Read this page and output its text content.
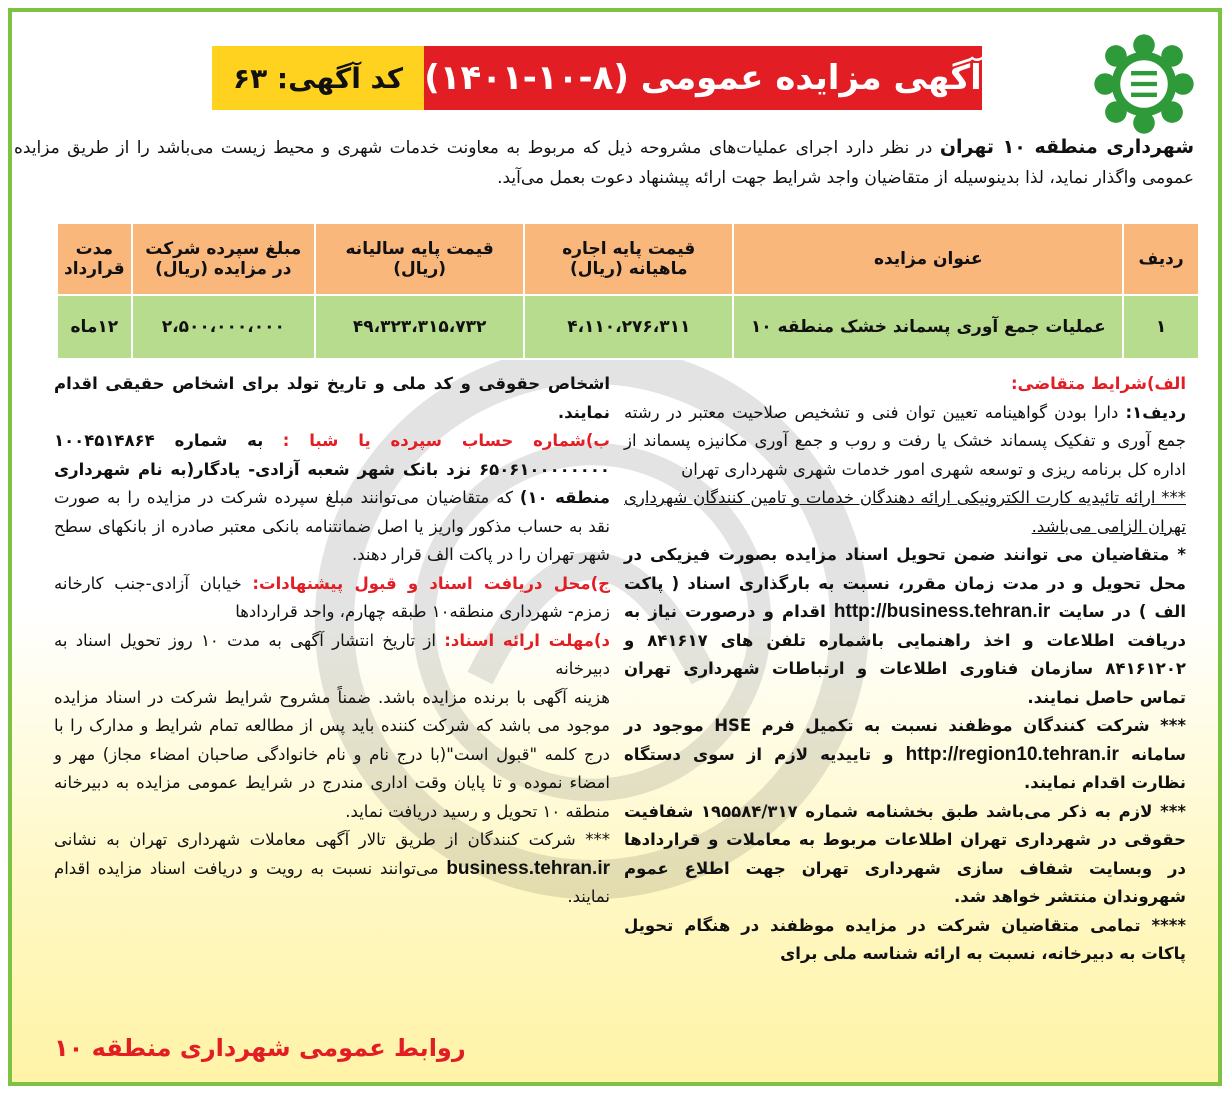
آگهی مزایده عمومی (۸-۱۰-۱۴۰۱)
کد آگهی: ۶۳

شهرداری منطقه ۱۰ تهران در نظر دارد اجرای عملیات‌های مشروحه ذیل که مربوط به معاونت خدمات شهری و محیط زیست می‌باشد را از طریق مزایده عمومی واگذار نماید، لذا بدینوسیله از متقاضیان واجد شرایط جهت ارائه پیشنهاد دعوت بعمل می‌آید.

ردیف	عنوان مزایده	قیمت پایه اجاره ماهیانه (ریال)	قیمت پایه سالیانه (ریال)	مبلغ سپرده شرکت در مزایده (ریال)	مدت قرارداد
۱	عملیات جمع آوری پسماند خشک منطقه ۱۰	۴،۱۱۰،۲۷۶،۳۱۱	۴۹،۳۲۳،۳۱۵،۷۳۲	۲،۵۰۰،۰۰۰،۰۰۰	۱۲ماه

الف)شرایط متقاضی:

ردیف۱: دارا بودن گواهینامه تعیین توان فنی و تشخیص صلاحیت معتبر در رشته جمع آوری و تفکیک پسماند خشک یا رفت و روب و جمع آوری مکانیزه پسماند از اداره کل برنامه ریزی و توسعه شهری امور خدمات شهری شهرداری تهران

*** ارائه تائیدیه کارت الکترونیکی ارائه دهندگان خدمات و تامین کنندگان شهرداری تهران الزامی می‌باشد.

* متقاضیان می توانند ضمن تحویل اسناد مزایده بصورت فیزیکی در محل تحویل و در مدت زمان مقرر، نسبت به بارگذاری اسناد ( پاکت الف ) در سایت http://business.tehran.ir اقدام و درصورت نیاز به دریافت اطلاعات و اخذ راهنمایی باشماره تلفن های ۸۴۱۶۱۷ و ۸۴۱۶۱۲۰۲ سازمان فناوری اطلاعات و ارتباطات شهرداری تهران تماس حاصل نمایند.

*** شرکت کنندگان موظفند نسبت به تکمیل فرم HSE موجود در سامانه http://region10.tehran.ir و تاییدیه لازم از سوی دستگاه نظارت اقدام نمایند.

*** لازم به ذکر می‌باشد طبق بخشنامه شماره ۱۹۵۵۸۴/۳۱۷ شفافیت حقوقی در شهرداری تهران اطلاعات مربوط به معاملات و قراردادها در وبسایت شفاف سازی شهرداری تهران جهت اطلاع عموم شهروندان منتشر خواهد شد.

**** تمامی متقاضیان شرکت در مزایده موظفند در هنگام تحویل پاکات به دبیرخانه، نسبت به ارائه شناسه ملی برای

اشخاص حقوقی و کد ملی و تاریخ تولد برای اشخاص حقیقی اقدام نمایند.

ب)شماره حساب سپرده یا شبا : به شماره ۱۰۰۴۵۱۴۸۶۴ ۶۵۰۶۱۰۰۰۰۰۰۰۰ نزد بانک شهر شعبه آزادی- یادگار(به نام شهرداری منطقه ۱۰) که متقاضیان می‌توانند مبلغ سپرده شرکت در مزایده را به صورت نقد به حساب مذکور واریز یا اصل ضمانتنامه بانکی معتبر صادره از بانکهای سطح شهر تهران را در پاکت الف قرار دهند.

ج)محل دریافت اسناد و قبول پیشنهادات: خیابان آزادی-جنب کارخانه زمزم- شهرداری منطقه۱۰ طبقه چهارم، واحد قراردادها

د)مهلت ارائه اسناد: از تاریخ انتشار آگهی به مدت ۱۰ روز تحویل اسناد به دبیرخانه

هزینه آگهی با برنده مزایده باشد. ضمناً مشروح شرایط شرکت در اسناد مزایده موجود می باشد که شرکت کننده باید پس از مطالعه تمام شرایط و مدارک را با درج کلمه "قبول است"(با درج نام و نام خانوادگی صاحبان امضاء مجاز) مهر و امضاء نموده و تا پایان وقت اداری مندرج در شرایط عمومی مزایده به دبیرخانه منطقه ۱۰ تحویل و رسید دریافت نماید.

*** شرکت کنندگان از طریق تالار آگهی معاملات شهرداری تهران به نشانی business.tehran.ir می‌توانند نسبت به رویت و دریافت اسناد مزایده اقدام نمایند.

روابط عمومی شهرداری منطقه ۱۰
